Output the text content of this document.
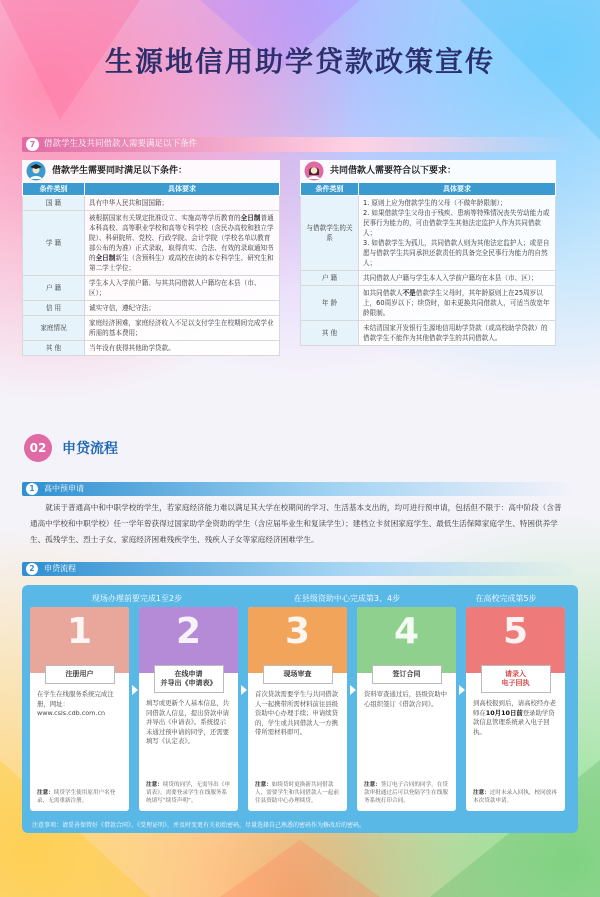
生源地信用助学贷款政策宣传
7	借款学生及共同借款人需要满足以下条件
借款学生需要同时满足以下条件：
条件类别	具体要求
国 籍	具有中华人民共和国国籍；
学 籍	被根据国家有关规定批准设立、实施高等学历教育的全日制普通本科高校、高等职业学校和高等专科学校（含民办高校和独立学院）、科研院所、党校、行政学院、会计学院（学校名单以教育部公布的为准）正式录取，取得真实、合法、有效的录取通知书的全日制新生（含预科生）或高校在读的本专科学生、研究生和第二学士学位；
户 籍	学生本人入学前户籍、与其共同借款人户籍均在本县（市、区）；
信 用	诚实守信，遵纪守法；
家庭情况	家庭经济困难，家庭经济收入不足以支付学生在校期间完成学业所需的基本费用；
其 他	当年没有获得其他助学贷款。
共同借款人需要符合以下要求：
条件类别	具体要求
与借款学生的关系	1. 原则上应为借款学生的父母（不做年龄限制）；
2. 如果借款学生父母由于残疾、患病等特殊情况丧失劳动能力或民事行为能力的，可由借款学生其他法定监护人作为共同借款人；
3. 如借款学生为孤儿，共同借款人则为其他法定监护人；或是自愿与借款学生共同承担还款责任的具备完全民事行为能力的自然人；
户 籍	共同借款人户籍与学生本人入学前户籍均在本县（市、区）；
年 龄	如共同借款人不是借款学生父母时，其年龄原则上在25周岁以上，60周岁以下；续贷时，如未更换共同借款人，可适当放宽年龄限制。
其 他	未结清国家开发银行生源地信用助学贷款（或高校助学贷款）的借款学生不能作为其他借款学生的共同借款人。
02	申贷流程
1	高中预申请
就读于普通高中和中职学校的学生，若家庭经济能力难以满足其大学在校期间的学习、生活基本支出的，均可进行预申请，包括但不限于：高中阶段（含普通高中学校和中职学校）任一学年曾获得过国家助学金资助的学生（含应届毕业生和复读学生）；建档立卡贫困家庭学生、最低生活保障家庭学生、特困供养学生、孤残学生、烈士子女、家庭经济困难残疾学生、残疾人子女等家庭经济困难学生。
2	申贷流程
现场办理前要完成1至2步	在县级资助中心完成第3、4步	在高校完成第5步
1
注册用户
在学生在线服务系统完成注册，网址：www.csls.cdb.com.cn
注意：续贷学生使用原用户名登录，无需重新注册。
2
在线申请
并导出《申请表》
填写或更新个人基本信息、共同借款人信息，提出贷款申请并导出《申请表》。系统提示未通过预申请的同学，还需要填写《认定表》。
注意：续贷的同学，无需导出《申请表》，需要登录学生在线服务系统填写“续贷声明”。
3
现场审查
首次贷款需要学生与共同借款人一起携带所需材料前往县级资助中心办理手续；申请续贷的，学生或共同借款人一方携带所需材料即可。
注意：如续贷时更换新共同借款人，需要学生和共同借款人一起前往县资助中心办理续贷。
4
签订合同
资料审查通过后，县级资助中心组织签订《借款合同》。
注意：签订电子合同的同学，在贷款审批通过后可以登陆学生在线服务系统打印合同。
5
请录入
电子回执
到高校报到后，请高校经办老师在10月10日前登录助学贷款信息管理系统录入电子回执。
注意：过时未录入回执，校同放再本次贷款申请。
注意事项：请妥善保管好《借款合同》、《受理证明》，并及时变更有关初始密码，尽量选择自己熟悉的密码作为修改后的密码。
